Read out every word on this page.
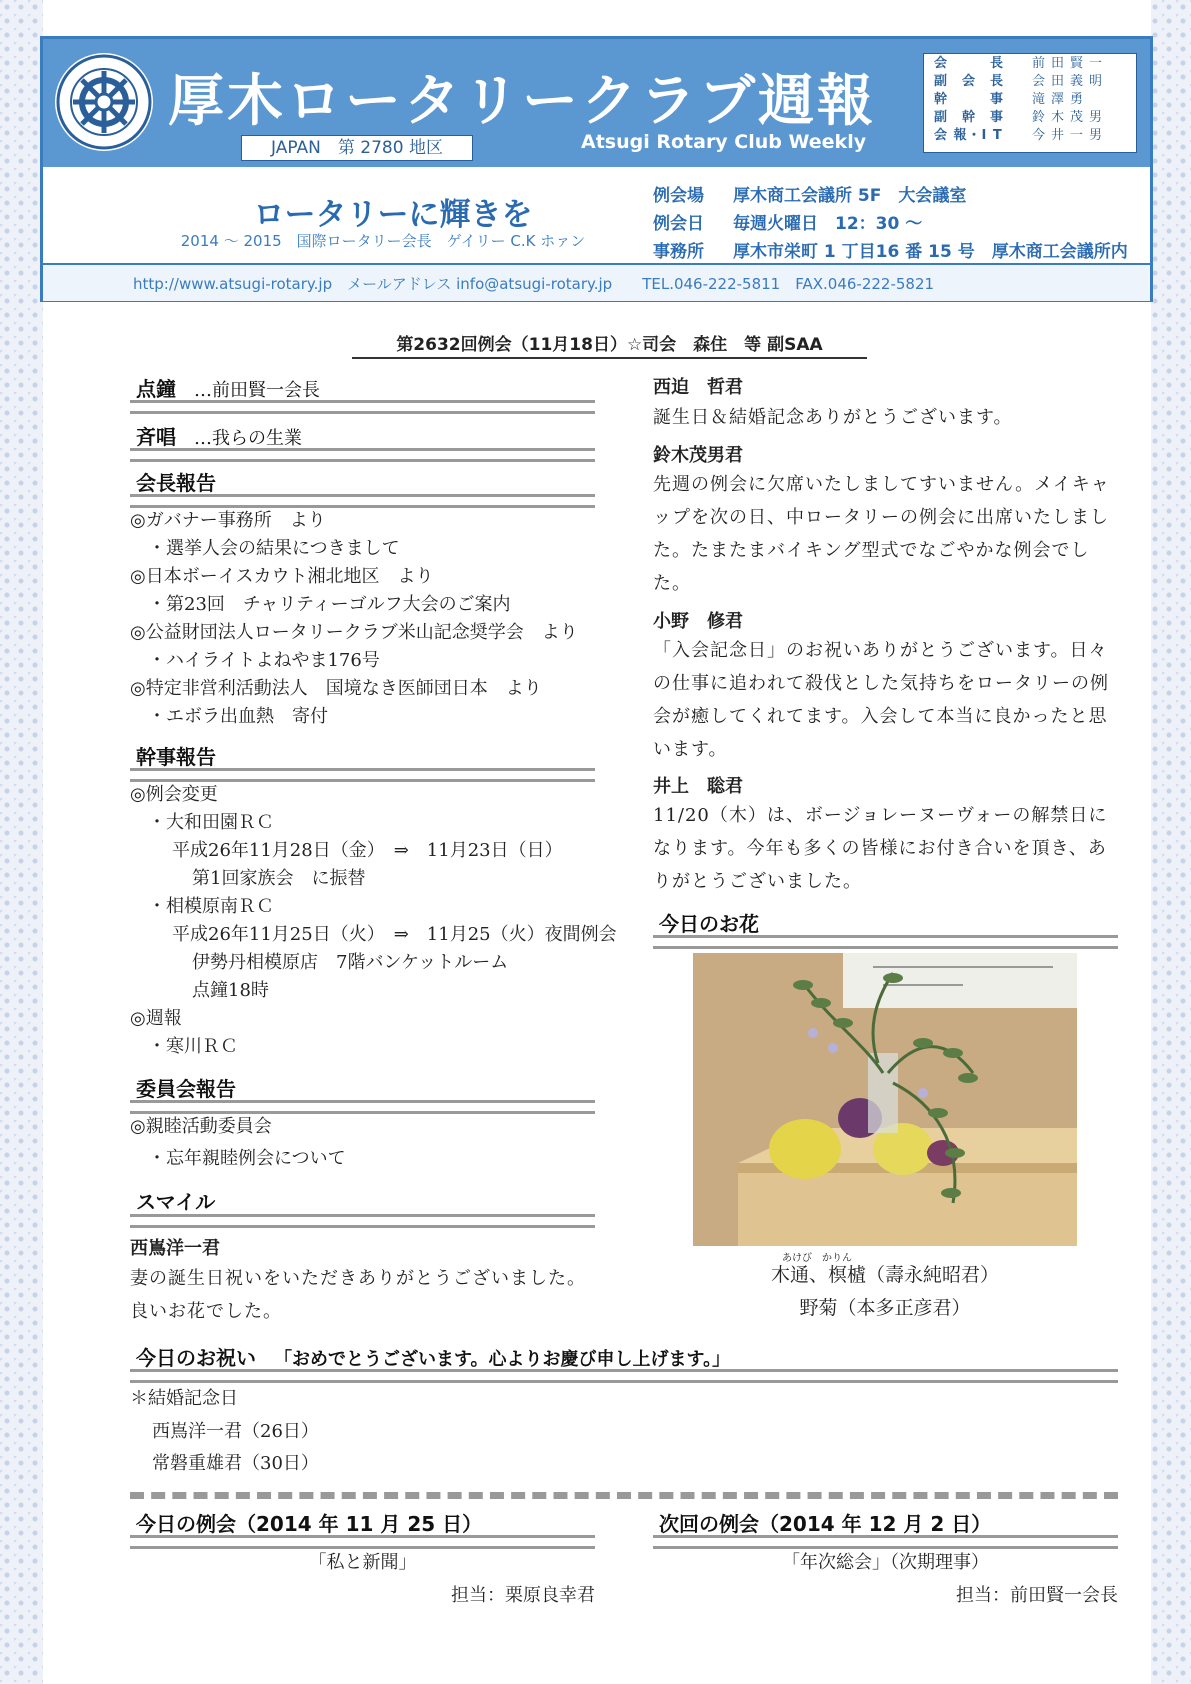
厚木ロータリークラブ週報
JAPAN　第 2780 地区	Atsugi Rotary Club Weekly
会　　　長	前田賢一
副　会　長	会田義明
幹　　　事	滝澤勇
副　幹　事	鈴木茂男
会 報・I T	今井一男
ロータリーに輝きを
2014 〜 2015　国際ロータリー会長　ゲイリー C.K ホァン
例会場 厚木商工会議所 5F　大会議室
例会日 毎週火曜日　12：30 〜
事務所 厚木市栄町 1 丁目16 番 15 号　厚木商工会議所内
http://www.atsugi-rotary.jp　メールアドレス info@atsugi-rotary.jp　　TEL.046-222-5811　FAX.046-222-5821
第2632回例会（11月18日）☆司会　森住　等 副SAA
点鐘 …前田賢一会長
斉唱 …我らの生業
会長報告
◎ガバナー事務所　より
・選挙人会の結果につきまして
◎日本ボーイスカウト湘北地区　より
・第23回　チャリティーゴルフ大会のご案内
◎公益財団法人ロータリークラブ米山記念奨学会　より
・ハイライトよねやま176号
◎特定非営利活動法人　国境なき医師団日本　より
・エボラ出血熱　寄付
幹事報告
◎例会変更
・大和田園ＲＣ
平成26年11月28日（金）　⇒　11月23日（日）
第1回家族会　に振替
・相模原南ＲＣ
平成26年11月25日（火）　⇒　11月25（火）夜間例会
伊勢丹相模原店　7階バンケットルーム
点鐘18時
◎週報
・寒川ＲＣ
委員会報告
◎親睦活動委員会
・忘年親睦例会について
スマイル
西嶌洋一君
妻の誕生日祝いをいただきありがとうございました。良いお花でした。
西迫　哲君
誕生日＆結婚記念ありがとうございます。
鈴木茂男君
先週の例会に欠席いたしましてすいません。メイキャップを次の日、中ロータリーの例会に出席いたしました。たまたまバイキング型式でなごやかな例会でした。
小野　修君
「入会記念日」のお祝いありがとうございます。日々の仕事に追われて殺伐とした気持ちをロータリーの例会が癒してくれてます。入会して本当に良かったと思います。
井上　聡君
11/20（木）は、ボージョレーヌーヴォーの解禁日になります。今年も多くの皆様にお付き合いを頂き、ありがとうございました。
今日のお花
あけび　かりん
木通、榠樝（壽永純昭君）
野菊（本多正彦君）
今日のお祝い 「おめでとうございます。心よりお慶び申し上げます。」
＊結婚記念日
西嶌洋一君（26日）
常磐重雄君（30日）
今日の例会（2014 年 11 月 25 日）
「私と新聞」
担当：栗原良幸君
次回の例会（2014 年 12 月 2 日）
「年次総会」（次期理事）
担当：前田賢一会長
